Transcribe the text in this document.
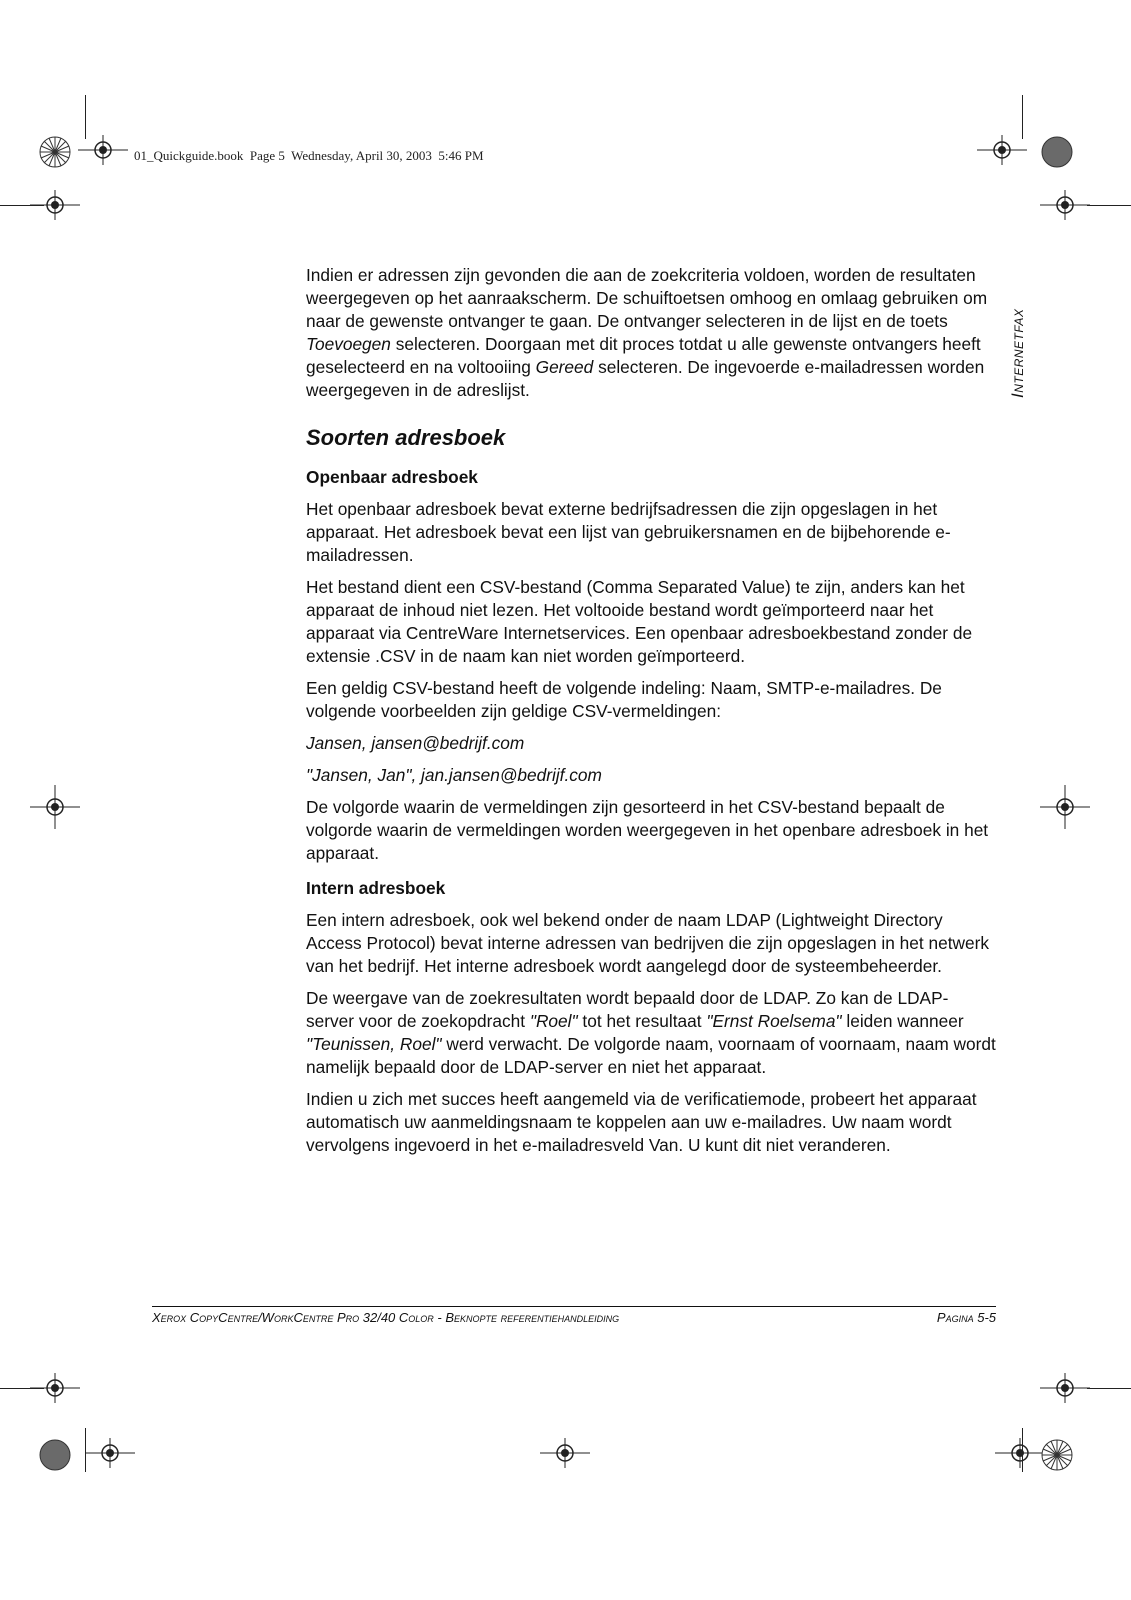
01_Quickguide.book  Page 5  Wednesday, April 30, 2003  5:46 PM
Internetfax

Indien er adressen zijn gevonden die aan de zoekcriteria voldoen, worden de resultaten weergegeven op het aanraakscherm. De schuiftoetsen omhoog en omlaag gebruiken om naar de gewenste ontvanger te gaan. De ontvanger selecteren in de lijst en de toets Toevoegen selecteren. Doorgaan met dit proces totdat u alle gewenste ontvangers heeft geselecteerd en na voltooiing Gereed selecteren. De ingevoerde e-mailadressen worden weergegeven in de adreslijst.

Soorten adresboek
Openbaar adresboek

Het openbaar adresboek bevat externe bedrijfsadressen die zijn opgeslagen in het apparaat. Het adresboek bevat een lijst van gebruikersnamen en de bijbehorende e-mailadressen.

Het bestand dient een CSV-bestand (Comma Separated Value) te zijn, anders kan het apparaat de inhoud niet lezen. Het voltooide bestand wordt geïmporteerd naar het apparaat via CentreWare Internetservices. Een openbaar adresboekbestand zonder de extensie .CSV in de naam kan niet worden geïmporteerd.

Een geldig CSV-bestand heeft de volgende indeling: Naam, SMTP-e-mailadres. De volgende voorbeelden zijn geldige CSV-vermeldingen:

Jansen, jansen@bedrijf.com

"Jansen, Jan", jan.jansen@bedrijf.com

De volgorde waarin de vermeldingen zijn gesorteerd in het CSV-bestand bepaalt de volgorde waarin de vermeldingen worden weergegeven in het openbare adresboek in het apparaat.

Intern adresboek

Een intern adresboek, ook wel bekend onder de naam LDAP (Lightweight Directory Access Protocol) bevat interne adressen van bedrijven die zijn opgeslagen in het netwerk van het bedrijf. Het interne adresboek wordt aangelegd door de systeembeheerder.

De weergave van de zoekresultaten wordt bepaald door de LDAP. Zo kan de LDAP-server voor de zoekopdracht "Roel" tot het resultaat "Ernst Roelsema" leiden wanneer "Teunissen, Roel" werd verwacht. De volgorde naam, voornaam of voornaam, naam wordt namelijk bepaald door de LDAP-server en niet het apparaat.

Indien u zich met succes heeft aangemeld via de verificatiemode, probeert het apparaat automatisch uw aanmeldingsnaam te koppelen aan uw e-mailadres. Uw naam wordt vervolgens ingevoerd in het e-mailadresveld Van. U kunt dit niet veranderen.

Xerox CopyCentre/WorkCentre Pro 32/40 Color - Beknopte referentiehandleiding	Pagina 5-5
